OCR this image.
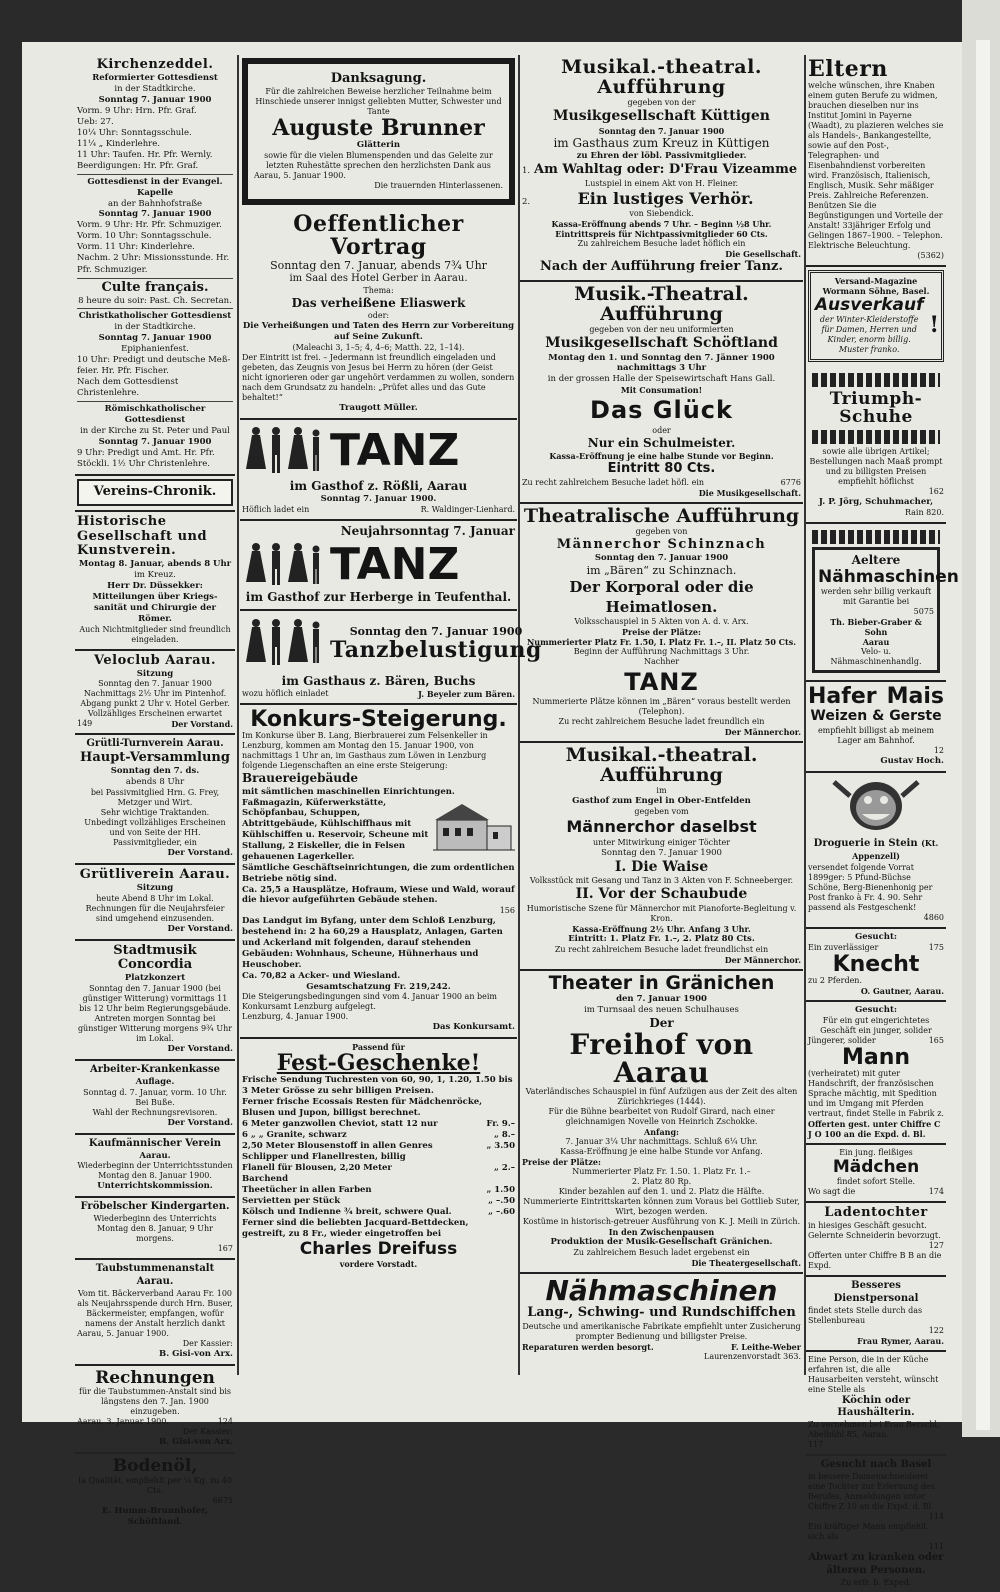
Kirchenzeddel.
Reformierter Gottesdienst
in der Stadtkirche.
Sonntag 7. Januar 1900
Vorm. 9 Uhr: Hrn. Pfr. Graf.
Ueb: 27.
10¼ Uhr: Sonntagsschule.
11¼ „ Kinderlehre.
11 Uhr: Taufen. Hr. Pfr. Wernly.
Beerdigungen: Hr. Pfr. Graf.
Gottesdienst in der Evangel. Kapelle
an der Bahnhofstraße
Sonntag 7. Januar 1900
Vorm. 9 Uhr: Hr. Pfr. Schmuziger.
Vorm. 10 Uhr: Sonntagsschule.
Vorm. 11 Uhr: Kinderlehre.
Nachm. 2 Uhr: Missionsstunde. Hr.
Pfr. Schmuziger.
Culte français.
8 heure du soir: Past. Ch. Secretan.
Christkatholischer Gottesdienst
in der Stadtkirche.
Sonntag 7. Januar 1900
Epiphanienfest.
10 Uhr: Predigt und deutsche Meß-
feier. Hr. Pfr. Fischer.
Nach dem Gottesdienst Christenlehre.
Römischkatholischer Gottesdienst
in der Kirche zu St. Peter und Paul
Sonntag 7. Januar 1900
9 Uhr: Predigt und Amt. Hr. Pfr.
Stöckli. 1½ Uhr Christenlehre.
Vereins-Chronik.
Historische Gesellschaft und Kunstverein.
Montag 8. Januar, abends 8 Uhr
im Kreuz.
Herr Dr. Düssekker:
Mitteilungen über Kriegs-sanität und Chirurgie der Römer.
Auch Nichtmitglieder sind freundlich eingeladen.
Veloclub Aarau.
Sitzung
Sonntag den 7. Januar 1900 Nachmittags 2½ Uhr im Pintenhof. Abgang punkt 2 Uhr v. Hotel Gerber. Vollzähliges Erscheinen erwartet
149	Der Vorstand.
Grütli-Turnverein Aarau.
Haupt-Versammlung
Sonntag den 7. ds.
abends 8 Uhr
bei Passivmitglied Hrn. G. Frey, Metzger und Wirt.
Sehr wichtige Traktanden.
Unbedingt vollzähliges Erscheinen und von Seite der HH. Passivmitglieder, ein
Der Vorstand.
Grütliverein Aarau.
Sitzung
heute Abend 8 Uhr im Lokal. Rechnungen für die Neujahrsfeier sind umgehend einzusenden.
Der Vorstand.
Stadtmusik Concordia
Platzkonzert
Sonntag den 7. Januar 1900 (bei günstiger Witterung) vormittags 11 bis 12 Uhr beim Regierungsgebäude.
Antreten morgen Sonntag bei günstiger Witterung morgens 9¾ Uhr im Lokal.
Der Vorstand.
Arbeiter-Krankenkasse
Auflage.
Sonntag d. 7. Januar, vorm. 10 Uhr. Bei Buße.
Wahl der Rechnungsrevisoren.
Der Vorstand.
Kaufmännischer Verein
Aarau.
Wiederbeginn der Unterrichtsstunden Montag den 8. Januar 1900.
Unterrichtskommission.
Fröbelscher Kindergarten.
Wiederbeginn des Unterrichts Montag den 8. Januar, 9 Uhr morgens.
167
Taubstummenanstalt Aarau.
Vom tit. Bäckerverband Aarau Fr. 100 als Neujahrsspende durch Hrn. Buser, Bäckermeister, empfangen, wofür namens der Anstalt herzlich dankt
Aarau, 5. Januar 1900.
Der Kassier:
B. Gisi-von Arx.
Rechnungen
für die Taubstummen-Anstalt sind bis längstens den 7. Jan. 1900 einzugeben.
Aarau, 3. Januar 1900.	124
Der Kassier:
B. Gisi-von Arx.
Bodenöl,
Ia Qualität, empfiehlt per ¼ Kg. zu 40 Cts.
6675
E. Humm-Brunnhofer, Schöftland.
Danksagung.
Für die zahlreichen Beweise herzlicher Teilnahme beim Hinschiede unserer innigst geliebten Mutter, Schwester und Tante
Auguste Brunner
Glätterin
sowie für die vielen Blumenspenden und das Geleite zur letzten Ruhestätte sprechen den herzlichsten Dank aus
Aarau, 5. Januar 1900.
Die trauernden Hinterlassenen.
Oeffentlicher Vortrag
Sonntag den 7. Januar, abends 7¾ Uhr
im Saal des Hotel Gerber in Aarau.
Thema:
Das verheißene Eliaswerk
oder:
Die Verheißungen und Taten des Herrn zur Vorbereitung auf Seine Zukunft.
(Maleachi 3, 1–5; 4, 4–6; Matth. 22, 1–14).
Der Eintritt ist frei. – Jedermann ist freundlich eingeladen und gebeten, das Zeugnis von Jesus bei Herrn zu hören (der Geist nicht ignorieren oder gar ungehört verdammen zu wollen, sondern nach dem Grundsatz zu handeln: „Prüfet alles und das Gute behaltet!“
Traugott Müller.
TANZ
im Gasthof z. Rößli, Aarau
Sonntag 7. Januar 1900.
Höflich ladet ein	R. Waldinger-Lienhard.
Neujahrsonntag 7. Januar
TANZ
im Gasthof zur Herberge in Teufenthal.
Sonntag den 7. Januar 1900
Tanzbelustigung
im Gasthaus z. Bären, Buchs
wozu höflich einladet	J. Beyeler zum Bären.
Konkurs-Steigerung.
Im Konkurse über B. Lang, Bierbrauerei zum Felsenkeller in Lenzburg, kommen am Montag den 15. Januar 1900, von nachmittags 1 Uhr an, im Gasthaus zum Löwen in Lenzburg folgende Liegenschaften an eine erste Steigerung:
Brauereigebäude
mit sämtlichen maschinellen Einrichtungen.
Faßmagazin, Küferwerkstätte, Schöpfanbau, Schuppen, Abtrittgebäude, Kühlschiffhaus mit Kühlschiffen u. Reservoir, Scheune mit Stallung, 2 Eiskeller, die in Felsen gehauenen Lagerkeller.
Sämtliche Geschäftseinrichtungen, die zum ordentlichen Betriebe nötig sind.
Ca. 25,5 a Hausplätze, Hofraum, Wiese und Wald, worauf die hievor aufgeführten Gebäude stehen.
156
Das Landgut im Byfang, unter dem Schloß Lenzburg, bestehend in: 2 ha 60,29 a Hausplatz, Anlagen, Garten und Ackerland mit folgenden, darauf stehenden Gebäuden: Wohnhaus, Scheune, Hühnerhaus und Heuschober.
Ca. 70,82 a Acker- und Wiesland.
Gesamtschatzung Fr. 219,242.
Die Steigerungsbedingungen sind vom 4. Januar 1900 an beim Konkursamt Lenzburg aufgelegt.
Lenzburg, 4. Januar 1900.
Das Konkursamt.
Passend für
Fest-Geschenke!
Frische Sendung Tuchresten von 60, 90, 1, 1.20, 1.50 bis 3 Meter Grösse zu sehr billigen Preisen.
Ferner frische Ecossais Resten für Mädchenröcke, Blusen und Jupon, billigst berechnet.
6 Meter ganzwollen Cheviot, statt 12 nur	Fr. 9.–
6 „ „ Granite, schwarz	„ 8.–
2,50 Meter Blousenstoff in allen Genres	„ 3.50
Schlipper und Flanellresten, billig
Flanell für Blousen, 2,20 Meter	„ 2.–
Barchend
Theetücher in allen Farben	„ 1.50
Servietten per Stück	„ –.50
Kölsch und Indienne ¾ breit, schwere Qual.	„ –.60
Ferner sind die beliebten Jacquard-Bettdecken, gestreift, zu 8 Fr., wieder eingetroffen bei
Charles Dreifuss
vordere Vorstadt.
Musikal.-theatral. Aufführung
gegeben von der
Musikgesellschaft Küttigen
Sonntag den 7. Januar 1900
im Gasthaus zum Kreuz in Küttigen
zu Ehren der löbl. Passivmitglieder.
1. Am Wahltag oder: D'Frau Vizeamme
Lustspiel in einem Akt von H. Fleiner.
2.	Ein lustiges Verhör.
von Siebendick.
Kassa-Eröffnung abends 7 Uhr. – Beginn ½8 Uhr.
Eintrittspreis für Nichtpassivmitglieder 60 Cts.
Zu zahlreichem Besuche ladet höflich ein
Die Gesellschaft.
Nach der Aufführung freier Tanz.
Musik.-Theatral. Aufführung
gegeben von der neu uniformierten
Musikgesellschaft Schöftland
Montag den 1. und Sonntag den 7. Jänner 1900
nachmittags 3 Uhr
in der grossen Halle der Speisewirtschaft Hans Gall.
Mit Consumation!
Das Glück
oder
Nur ein Schulmeister.
Kassa-Eröffnung je eine halbe Stunde vor Beginn.
Eintritt 80 Cts.
Zu recht zahlreichem Besuche ladet höfl. ein	6776
Die Musikgesellschaft.
Theatralische Aufführung
gegeben von
Männerchor Schinznach
Sonntag den 7. Januar 1900
im „Bären“ zu Schinznach.
Der Korporal oder die Heimatlosen.
Volksschauspiel in 5 Akten von A. d. v. Arx.
Preise der Plätze:
Nummerierter Platz Fr. 1.50, I. Platz Fr. 1.–, II. Platz 50 Cts.
Beginn der Aufführung Nachmittags 3 Uhr.
Nachher
TANZ
Nummerierte Plätze können im „Bären“ voraus bestellt werden (Telephon).
Zu recht zahlreichem Besuche ladet freundlich ein
Der Männerchor.
Musikal.-theatral. Aufführung
im
Gasthof zum Engel in Ober-Entfelden
gegeben vom
Männerchor daselbst
unter Mitwirkung einiger Töchter
Sonntag den 7. Januar 1900
I. Die Waise
Volksstück mit Gesang und Tanz in 3 Akten von F. Schneeberger.
II. Vor der Schaubude
Humoristische Szene für Männerchor mit Pianoforte-Begleitung v. Kron.
Kassa-Eröffnung 2½ Uhr. Anfang 3 Uhr.
Eintritt: 1. Platz Fr. 1.–, 2. Platz 80 Cts.
Zu recht zahlreichem Besuche ladet freundlichst ein
Der Männerchor.
Theater in Gränichen
den 7. Januar 1900
im Turnsaal des neuen Schulhauses
Der
Freihof von Aarau
Vaterländisches Schauspiel in fünf Aufzügen aus der Zeit des alten Zürichkrieges (1444).
Für die Bühne bearbeitet von Rudolf Girard, nach einer gleichnamigen Novelle von Heinrich Zschokke.
Anfang:
7. Januar 3¼ Uhr nachmittags. Schluß 6¼ Uhr.
Kassa-Eröffnung je eine halbe Stunde vor Anfang.
Preise der Plätze:
Nummerierter Platz Fr. 1.50. 1. Platz Fr. 1.–
2. Platz 80 Rp.
Kinder bezahlen auf den 1. und 2. Platz die Hälfte.
Nummerierte Eintrittskarten können zum Voraus bei Gottlieb Suter, Wirt, bezogen werden.
Kostüme in historisch-getreuer Ausführung von K. J. Meili in Zürich.
In den Zwischenpausen
Produktion der Musik-Gesellschaft Gränichen.
Zu zahlreichem Besuch ladet ergebenst ein
Die Theatergesellschaft.
Nähmaschinen
Lang-, Schwing- und Rundschiffchen
Deutsche und amerikanische Fabrikate empfiehlt unter Zusicherung prompter Bedienung und billigster Preise.
Reparaturen werden besorgt.	F. Leithe-Weber
Laurenzenvorstadt 363.
Eltern
welche wünschen, ihre Knaben einem guten Berufe zu widmen, brauchen dieselben nur ins Institut Jomini in Payerne (Waadt), zu plazieren welches sie als Handels-, Bankangestellte, sowie auf den Post-, Telegraphen- und Eisenbahndienst vorbereiten wird. Französisch, Italienisch, Englisch, Musik. Sehr mäßiger Preis. Zahlreiche Referenzen. Benützen Sie die Begünstigungen und Vorteile der Anstalt! 33jähriger Erfolg und Gelingen 1867–1900. – Telephon. Elektrische Beleuchtung.
(5362)
Versand-Magazine
Wormann Söhne, Basel.
Ausverkauf
der Winter-Kleiderstoffe für Damen, Herren und Kinder, enorm billig. Muster franko.
!
Triumph-Schuhe
sowie alle übrigen Artikel; Bestellungen nach Maaß prompt und zu billigsten Preisen empfiehlt höflichst
162
J. P. Jörg, Schuhmacher,
Rain 820.
Aeltere
Nähmaschinen
werden sehr billig verkauft mit Garantie bei
5075
Th. Bieber-Graber & Sohn
Aarau
Velo- u. Nähmaschinenhandlg.
Hafer Mais
Weizen & Gerste
empfiehlt billigst ab meinem Lager am Bahnhof.
12
Gustav Hoch.
Droguerie in Stein (Kt. Appenzell)
versendet folgende Vorrat 1899ger: 5 Pfund-Büchse Schöne, Berg-Bienenhonig per Post franko à Fr. 4. 90. Sehr passend als Festgeschenk!
4860
Gesucht:
Ein zuverlässiger	175
Knecht
zu 2 Pferden.
O. Gautner, Aarau.
Gesucht:
Für ein gut eingerichtetes Geschäft ein junger, solider
Jüngerer, solider	165
Mann
(verheiratet) mit guter Handschrift, der französischen Sprache mächtig, mit Spedition und im Umgang mit Pferden vertraut, findet Stelle in Fabrik z.
Offerten gest. unter Chiffre C J O 100 an die Expd. d. Bl.
Ein jung. fleißiges
Mädchen
findet sofort Stelle.
Wo sagt die	174
Ladentochter
in hiesiges Geschäft gesucht. Gelernte Schneiderin bevorzugt.
127
Offerten unter Chiffre B B an die Expd.
Besseres Dienstpersonal
findet stets Stelle durch das Stellenbureau
122
Frau Rymer, Aarau.
Eine Person, die in der Küche erfahren ist, die alle Hausarbeiten versteht, wünscht eine Stelle als
Köchin oder Haushälterin.
Zu vernehmen bei Frau Berschl, Abelbühl 85, Aarau.
117
Gesucht nach Basel
in bessere Damenschneiderei eine Tochter zur Erlernung des Berufes. Anmeldungen unter Chiffre Z 10 an die Expd. d. Bl.
114
Ein kräftiger Mann empfiehlt sich als
111
Abwart zu kranken oder älteren Personen.
Zu erfr. b. Exped.
